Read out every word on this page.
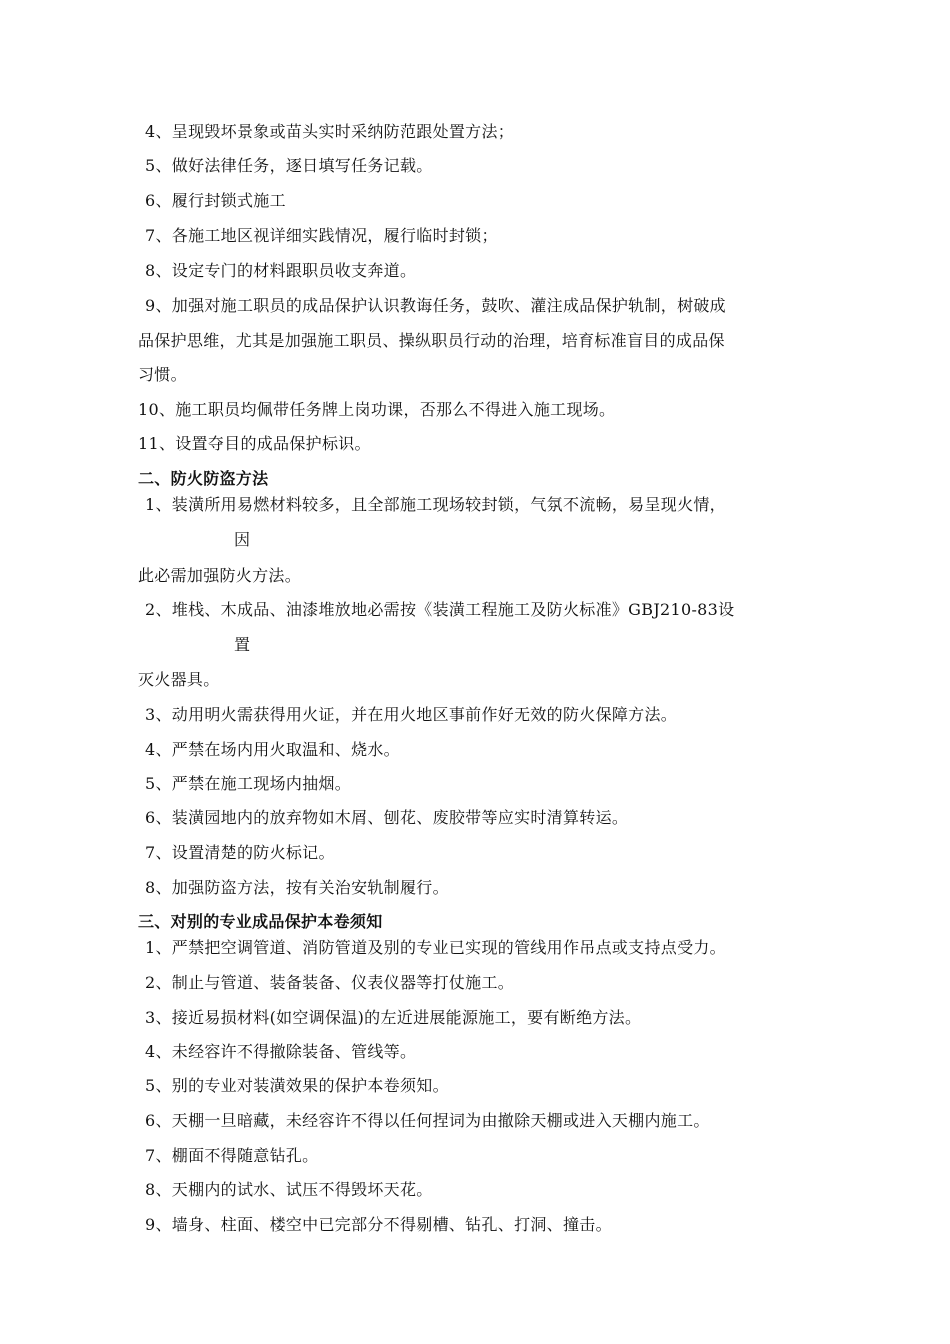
4、呈现毁坏景象或苗头实时采纳防范跟处置方法；
5、做好法律任务，逐日填写任务记载。
6、履行封锁式施工
7、各施工地区视详细实践情况，履行临时封锁；
8、设定专门的材料跟职员收支奔道。
9、加强对施工职员的成品保护认识教诲任务，鼓吹、灌注成品保护轨制，树破成
品保护思维，尤其是加强施工职员、操纵职员行动的治理，培育标准盲目的成品保
习惯。
10、施工职员均佩带任务牌上岗功课，否那么不得进入施工现场。
11、设置夺目的成品保护标识。
二、防火防盗方法
1、装潢所用易燃材料较多，且全部施工现场较封锁，气氛不流畅，易呈现火情，
因
此必需加强防火方法。
2、堆栈、木成品、油漆堆放地必需按《装潢工程施工及防火标准》GBJ210-83设
置
灭火器具。
3、动用明火需获得用火证，并在用火地区事前作好无效的防火保障方法。
4、严禁在场内用火取温和、烧水。
5、严禁在施工现场内抽烟。
6、装潢园地内的放弃物如木屑、刨花、废胶带等应实时清算转运。
7、设置清楚的防火标记。
8、加强防盗方法，按有关治安轨制履行。
三、对别的专业成品保护本卷须知
1、严禁把空调管道、消防管道及别的专业已实现的管线用作吊点或支持点受力。
2、制止与管道、装备装备、仪表仪器等打仗施工。
3、接近易损材料(如空调保温)的左近进展能源施工，要有断绝方法。
4、未经容许不得撤除装备、管线等。
5、别的专业对装潢效果的保护本卷须知。
6、天棚一旦暗藏，未经容许不得以任何捏词为由撤除天棚或进入天棚内施工。
7、棚面不得随意钻孔。
8、天棚内的试水、试压不得毁坏天花。
9、墙身、柱面、楼空中已完部分不得剔槽、钻孔、打洞、撞击。
